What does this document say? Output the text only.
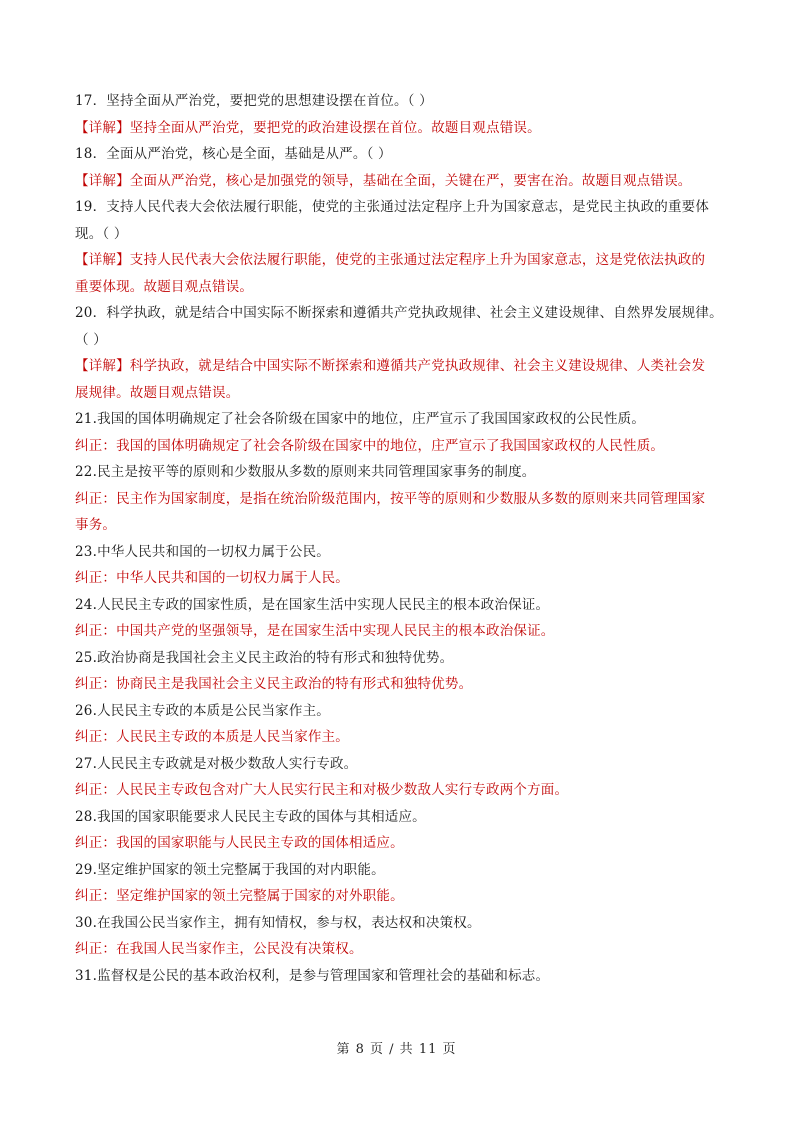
17．坚持全面从严治党，要把党的思想建设摆在首位。（ ）
【详解】坚持全面从严治党，要把党的政治建设摆在首位。故题目观点错误。
18．全面从严治党，核心是全面，基础是从严。（ ）
【详解】全面从严治党，核心是加强党的领导，基础在全面，关键在严，要害在治。故题目观点错误。
19．支持人民代表大会依法履行职能，使党的主张通过法定程序上升为国家意志，是党民主执政的重要体
现。（ ）
【详解】支持人民代表大会依法履行职能，使党的主张通过法定程序上升为国家意志，这是党依法执政的
重要体现。故题目观点错误。
20．科学执政，就是结合中国实际不断探索和遵循共产党执政规律、社会主义建设规律、自然界发展规律。
（ ）
【详解】科学执政，就是结合中国实际不断探索和遵循共产党执政规律、社会主义建设规律、人类社会发
展规律。故题目观点错误。
21.我国的国体明确规定了社会各阶级在国家中的地位，庄严宣示了我国国家政权的公民性质。
纠正：我国的国体明确规定了社会各阶级在国家中的地位，庄严宣示了我国国家政权的人民性质。
22.民主是按平等的原则和少数服从多数的原则来共同管理国家事务的制度。
纠正：民主作为国家制度，是指在统治阶级范围内，按平等的原则和少数服从多数的原则来共同管理国家
事务。
23.中华人民共和国的一切权力属于公民。
纠正：中华人民共和国的一切权力属于人民。
24.人民民主专政的国家性质，是在国家生活中实现人民民主的根本政治保证。
纠正：中国共产党的坚强领导，是在国家生活中实现人民民主的根本政治保证。
25.政治协商是我国社会主义民主政治的特有形式和独特优势。
纠正：协商民主是我国社会主义民主政治的特有形式和独特优势。
26.人民民主专政的本质是公民当家作主。
纠正：人民民主专政的本质是人民当家作主。
27.人民民主专政就是对极少数敌人实行专政。
纠正：人民民主专政包含对广大人民实行民主和对极少数敌人实行专政两个方面。
28.我国的国家职能要求人民民主专政的国体与其相适应。
纠正：我国的国家职能与人民民主专政的国体相适应。
29.坚定维护国家的领土完整属于我国的对内职能。
纠正：坚定维护国家的领土完整属于国家的对外职能。
30.在我国公民当家作主，拥有知情权，参与权，表达权和决策权。
纠正：在我国人民当家作主，公民没有决策权。
31.监督权是公民的基本政治权利，是参与管理国家和管理社会的基础和标志。
第 8 页 / 共 11 页
